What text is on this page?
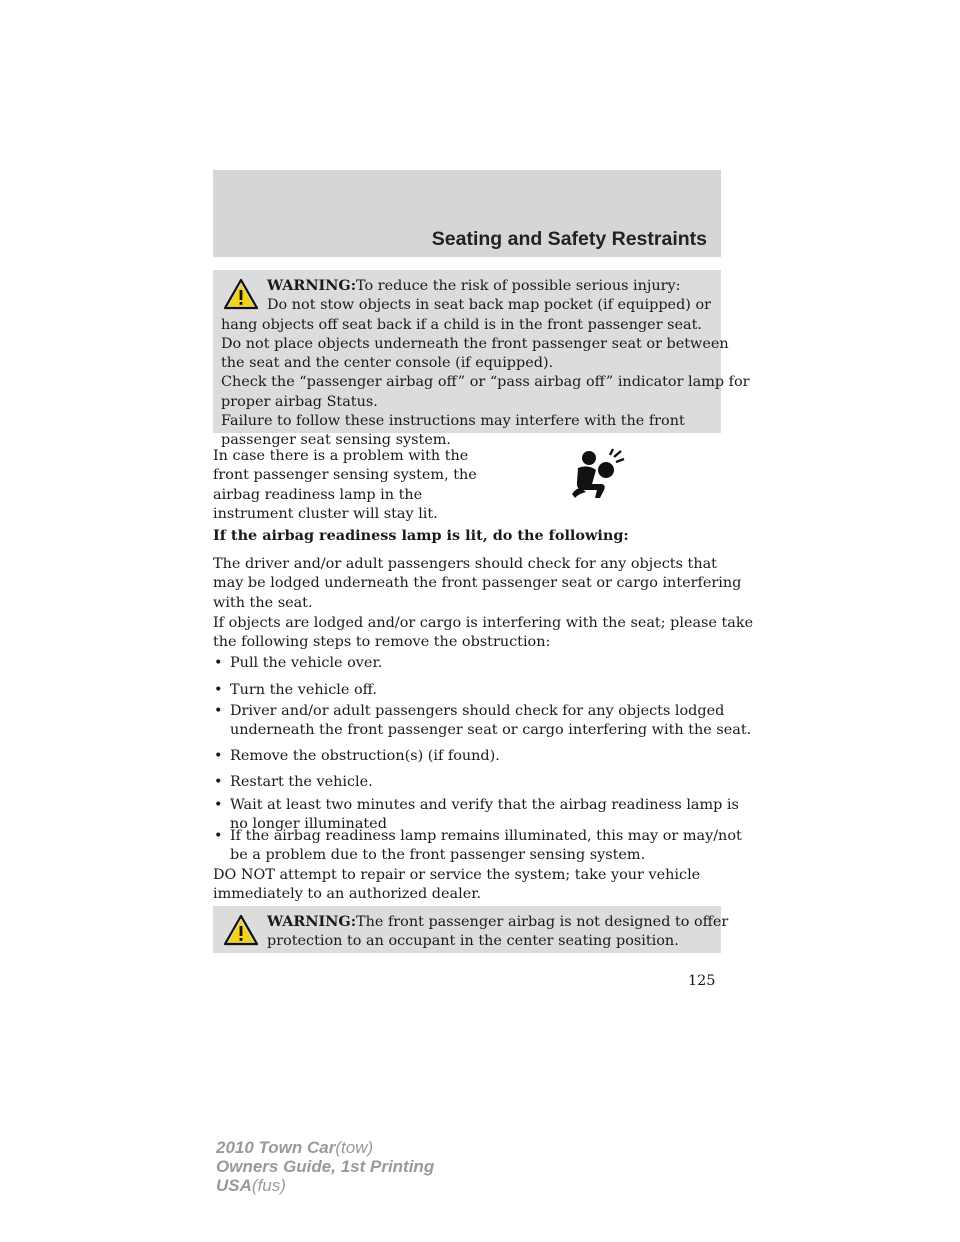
Seating and Safety Restraints
WARNING:To reduce the risk of possible serious injury:
Do not stow objects in seat back map pocket (if equipped) or
hang objects off seat back if a child is in the front passenger seat.
Do not place objects underneath the front passenger seat or between
the seat and the center console (if equipped).
Check the “passenger airbag off” or “pass airbag off” indicator lamp for
proper airbag Status.
Failure to follow these instructions may interfere with the front
passenger seat sensing system.
In case there is a problem with the
front passenger sensing system, the
airbag readiness lamp in the
instrument cluster will stay lit.
If the airbag readiness lamp is lit, do the following:
The driver and/or adult passengers should check for any objects that
may be lodged underneath the front passenger seat or cargo interfering
with the seat.
If objects are lodged and/or cargo is interfering with the seat; please take
the following steps to remove the obstruction:
• Pull the vehicle over.
• Turn the vehicle off.
• Driver and/or adult passengers should check for any objects lodged
underneath the front passenger seat or cargo interfering with the seat.
• Remove the obstruction(s) (if found).
• Restart the vehicle.
• Wait at least two minutes and verify that the airbag readiness lamp is
no longer illuminated
• If the airbag readiness lamp remains illuminated, this may or may/not
be a problem due to the front passenger sensing system.
DO NOT attempt to repair or service the system; take your vehicle
immediately to an authorized dealer.
WARNING:The front passenger airbag is not designed to offer
protection to an occupant in the center seating position.
125
2010 Town Car(tow)
Owners Guide, 1st Printing
USA(fus)
